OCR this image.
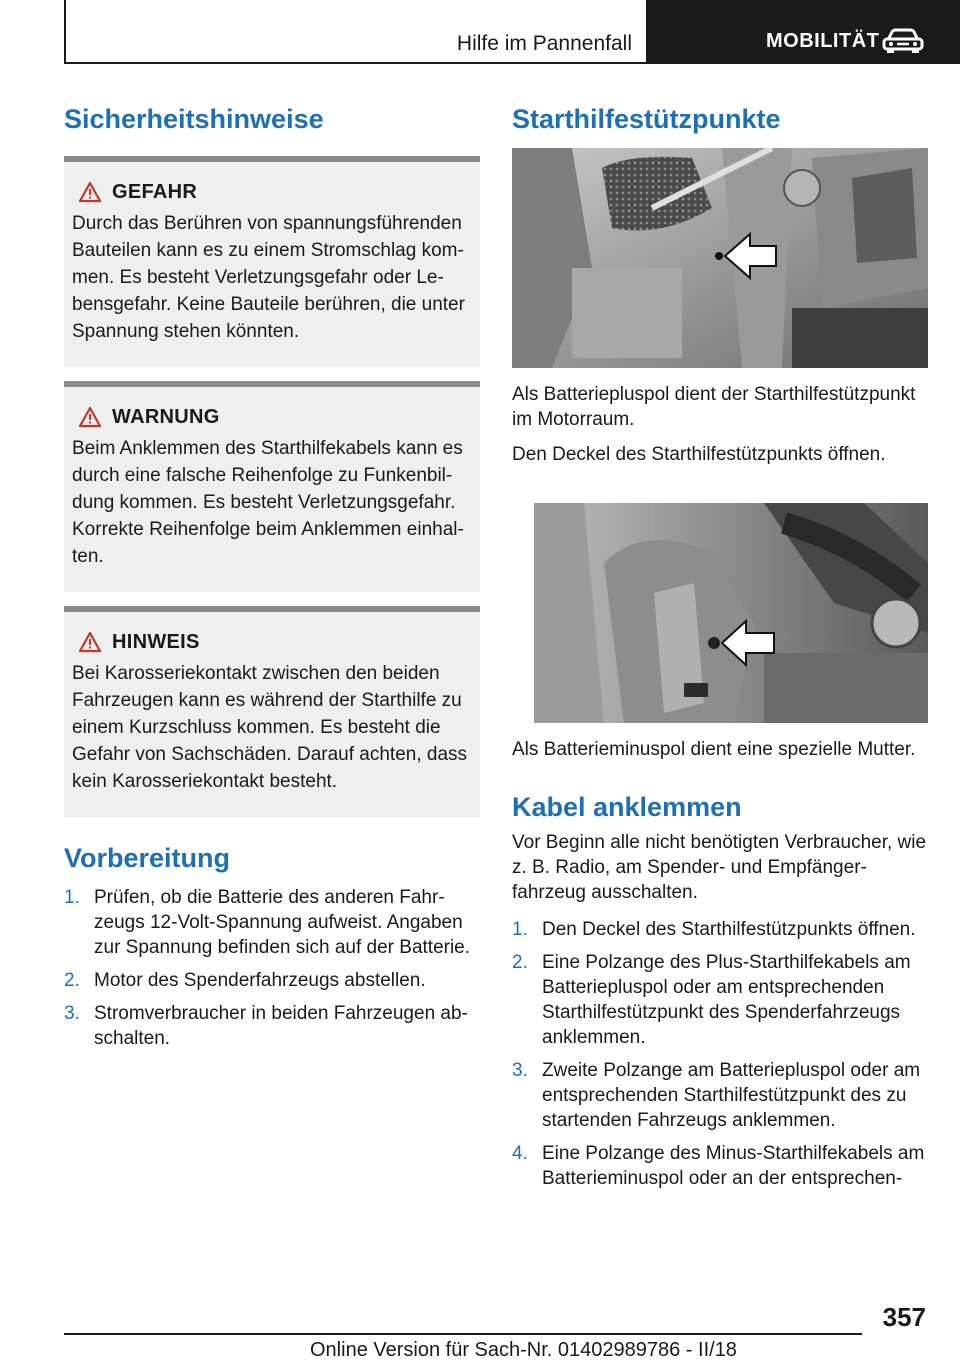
Hilfe im Pannenfall	MOBILITÄT
Sicherheitshinweise
GEFAHR
Durch das Berühren von spannungsführenden Bauteilen kann es zu einem Stromschlag kom-men. Es besteht Verletzungsgefahr oder Le-bensgefahr. Keine Bauteile berühren, die unter Spannung stehen könnten.
WARNUNG
Beim Anklemmen des Starthilfekabels kann es durch eine falsche Reihenfolge zu Funkenbil-dung kommen. Es besteht Verletzungsgefahr. Korrekte Reihenfolge beim Anklemmen einhal-ten.
HINWEIS
Bei Karosseriekontakt zwischen den beiden Fahrzeugen kann es während der Starthilfe zu einem Kurzschluss kommen. Es besteht die Gefahr von Sachschäden. Darauf achten, dass kein Karosseriekontakt besteht.
Vorbereitung
1. Prüfen, ob die Batterie des anderen Fahr-zeugs 12-Volt-Spannung aufweist. Angaben zur Spannung befinden sich auf der Batterie.
2. Motor des Spenderfahrzeugs abstellen.
3. Stromverbraucher in beiden Fahrzeugen ab-schalten.
Starthilfestützpunkte
Als Batteriepluspol dient der Starthilfestützpunkt im Motorraum.
Den Deckel des Starthilfestützpunkts öffnen.
Als Batterieminuspol dient eine spezielle Mutter.
Kabel anklemmen
Vor Beginn alle nicht benötigten Verbraucher, wie z. B. Radio, am Spender- und Empfänger-fahrzeug ausschalten.
1. Den Deckel des Starthilfestützpunkts öffnen.
2. Eine Polzange des Plus-Starthilfekabels am Batteriepluspol oder am entsprechenden Starthilfestützpunkt des Spenderfahrzeugs anklemmen.
3. Zweite Polzange am Batteriepluspol oder am entsprechenden Starthilfestützpunkt des zu startenden Fahrzeugs anklemmen.
4. Eine Polzange des Minus-Starthilfekabels am Batterieminuspol oder an der entsprechen-
357
Online Version für Sach-Nr. 01402989786 - II/18
